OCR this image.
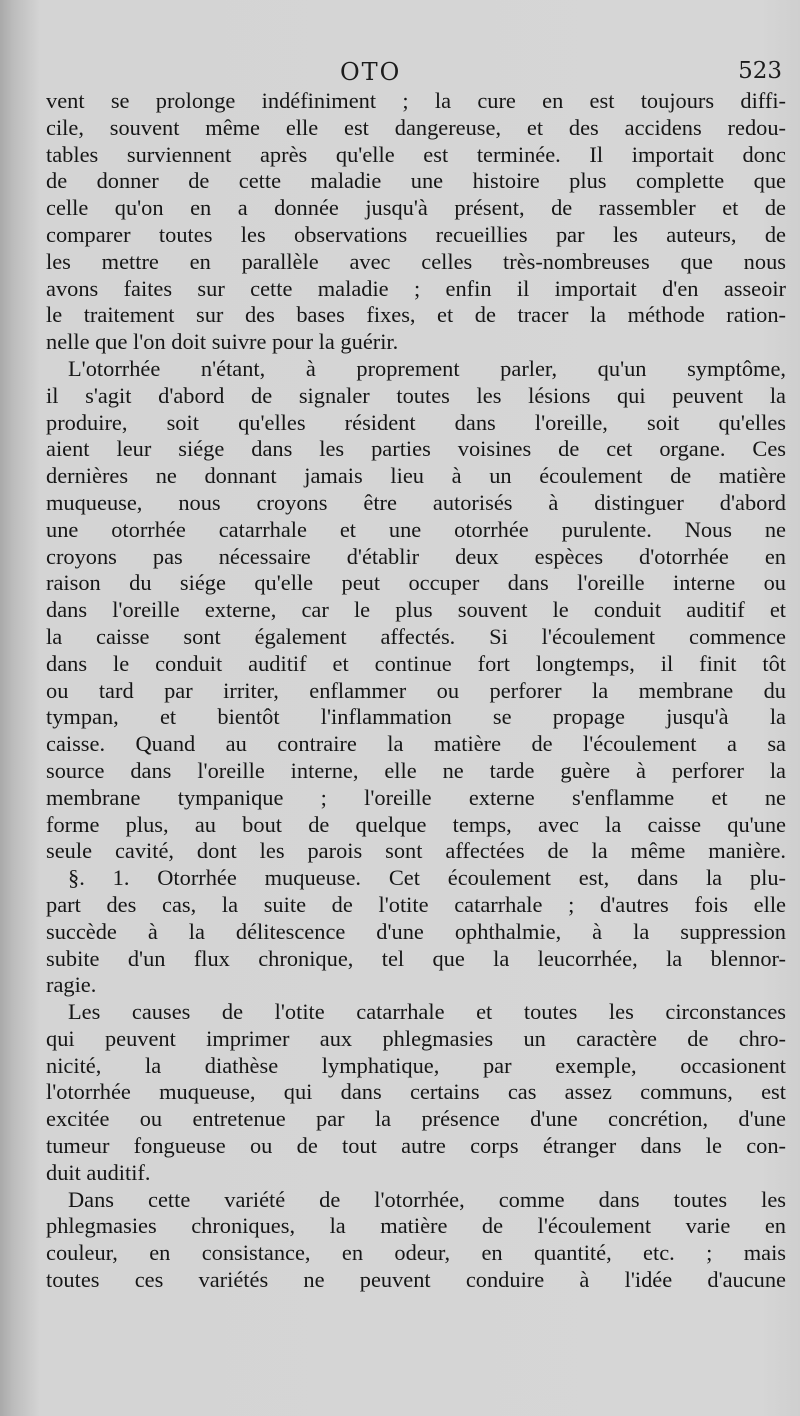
OTO	523
vent se prolonge indéfiniment ; la cure en est toujours diffi-
cile, souvent même elle est dangereuse, et des accidens redou-
tables surviennent après qu'elle est terminée. Il importait donc
de donner de cette maladie une histoire plus complette que
celle qu'on en a donnée jusqu'à présent, de rassembler et de
comparer toutes les observations recueillies par les auteurs, de
les mettre en parallèle avec celles très-nombreuses que nous
avons faites sur cette maladie ; enfin il importait d'en asseoir
le traitement sur des bases fixes, et de tracer la méthode ration-
nelle que l'on doit suivre pour la guérir.
L'otorrhée n'étant, à proprement parler, qu'un symptôme,
il s'agit d'abord de signaler toutes les lésions qui peuvent la
produire, soit qu'elles résident dans l'oreille, soit qu'elles
aient leur siége dans les parties voisines de cet organe. Ces
dernières ne donnant jamais lieu à un écoulement de matière
muqueuse, nous croyons être autorisés à distinguer d'abord
une otorrhée catarrhale et une otorrhée purulente. Nous ne
croyons pas nécessaire d'établir deux espèces d'otorrhée en
raison du siége qu'elle peut occuper dans l'oreille interne ou
dans l'oreille externe, car le plus souvent le conduit auditif et
la caisse sont également affectés. Si l'écoulement commence
dans le conduit auditif et continue fort longtemps, il finit tôt
ou tard par irriter, enflammer ou perforer la membrane du
tympan, et bientôt l'inflammation se propage jusqu'à la
caisse. Quand au contraire la matière de l'écoulement a sa
source dans l'oreille interne, elle ne tarde guère à perforer la
membrane tympanique ; l'oreille externe s'enflamme et ne
forme plus, au bout de quelque temps, avec la caisse qu'une
seule cavité, dont les parois sont affectées de la même manière.
§. 1. Otorrhée muqueuse. Cet écoulement est, dans la plu-
part des cas, la suite de l'otite catarrhale ; d'autres fois elle
succède à la délitescence d'une ophthalmie, à la suppression
subite d'un flux chronique, tel que la leucorrhée, la blennor-
ragie.
Les causes de l'otite catarrhale et toutes les circonstances
qui peuvent imprimer aux phlegmasies un caractère de chro-
nicité, la diathèse lymphatique, par exemple, occasionent
l'otorrhée muqueuse, qui dans certains cas assez communs, est
excitée ou entretenue par la présence d'une concrétion, d'une
tumeur fongueuse ou de tout autre corps étranger dans le con-
duit auditif.
Dans cette variété de l'otorrhée, comme dans toutes les
phlegmasies chroniques, la matière de l'écoulement varie en
couleur, en consistance, en odeur, en quantité, etc. ; mais
toutes ces variétés ne peuvent conduire à l'idée d'aucune
